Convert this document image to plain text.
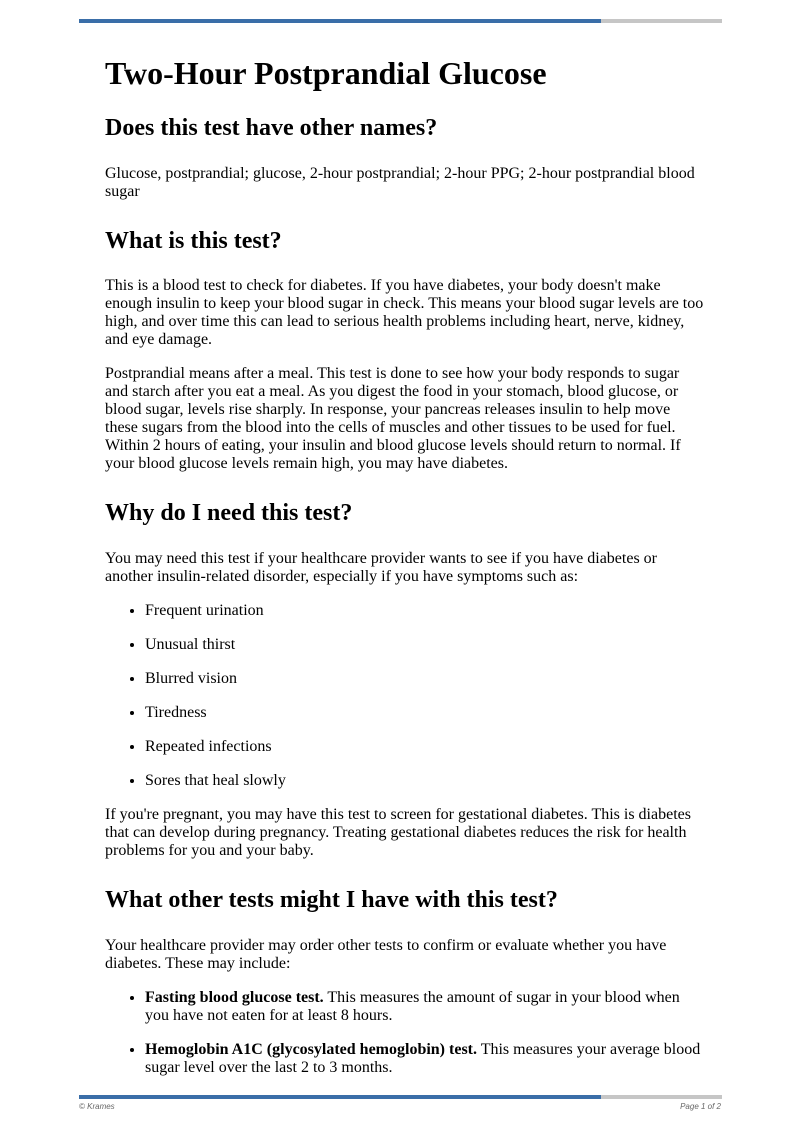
Two-Hour Postprandial Glucose
Does this test have other names?

Glucose, postprandial; glucose, 2-hour postprandial; 2-hour PPG; 2-hour postprandial blood sugar

What is this test?

This is a blood test to check for diabetes. If you have diabetes, your body doesn't make enough insulin to keep your blood sugar in check. This means your blood sugar levels are too high, and over time this can lead to serious health problems including heart, nerve, kidney, and eye damage.

Postprandial means after a meal. This test is done to see how your body responds to sugar and starch after you eat a meal. As you digest the food in your stomach, blood glucose, or blood sugar, levels rise sharply. In response, your pancreas releases insulin to help move these sugars from the blood into the cells of muscles and other tissues to be used for fuel. Within 2 hours of eating, your insulin and blood glucose levels should return to normal. If your blood glucose levels remain high, you may have diabetes.

Why do I need this test?

You may need this test if your healthcare provider wants to see if you have diabetes or another insulin-related disorder, especially if you have symptoms such as:

• Frequent urination
• Unusual thirst
• Blurred vision
• Tiredness
• Repeated infections
• Sores that heal slowly

If you're pregnant, you may have this test to screen for gestational diabetes. This is diabetes that can develop during pregnancy. Treating gestational diabetes reduces the risk for health problems for you and your baby.

What other tests might I have with this test?

Your healthcare provider may order other tests to confirm or evaluate whether you have diabetes. These may include:

• Fasting blood glucose test. This measures the amount of sugar in your blood when you have not eaten for at least 8 hours.
• Hemoglobin A1C (glycosylated hemoglobin) test. This measures your average blood sugar level over the last 2 to 3 months.
© Krames	Page 1 of 2
